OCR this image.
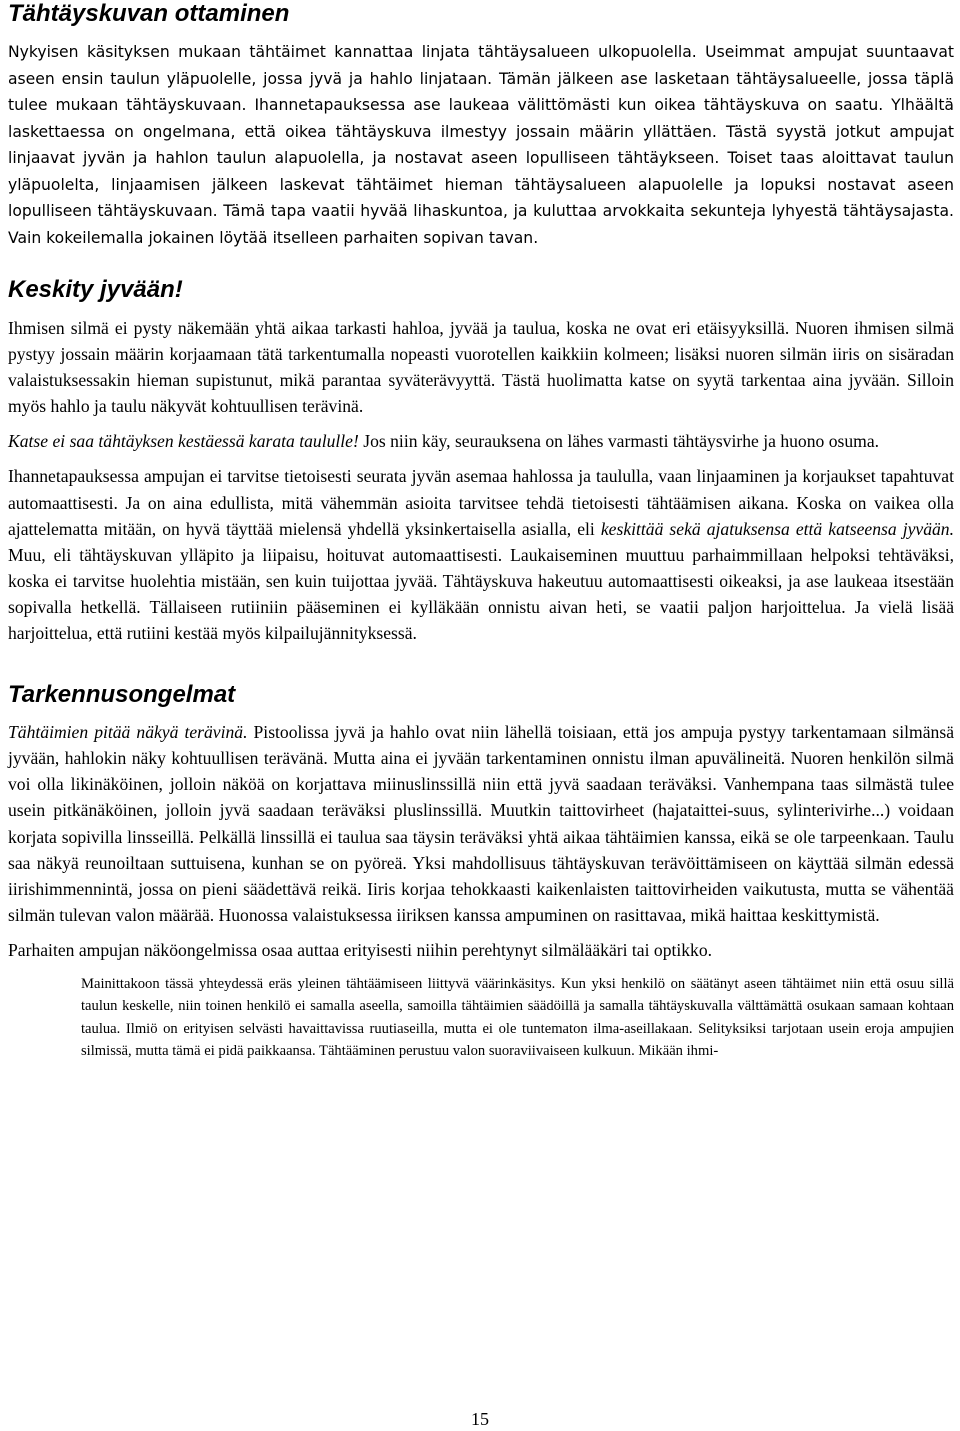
Tähtäyskuvan ottaminen

Nykyisen käsityksen mukaan tähtäimet kannattaa linjata tähtäysalueen ulkopuolella. Useimmat ampujat suuntaavat aseen ensin taulun yläpuolelle, jossa jyvä ja hahlo linjataan. Tämän jälkeen ase lasketaan tähtäysalueelle, jossa täplä tulee mukaan tähtäyskuvaan. Ihannetapauksessa ase laukeaa välittömästi kun oikea tähtäyskuva on saatu. Ylhäältä laskettaessa on ongelmana, että oikea tähtäyskuva ilmestyy jossain määrin yllättäen. Tästä syystä jotkut ampujat linjaavat jyvän ja hahlon taulun alapuolella, ja nostavat aseen lopulliseen tähtäykseen. Toiset taas aloittavat taulun yläpuolelta, linjaamisen jälkeen laskevat tähtäimet hieman tähtäysalueen alapuolelle ja lopuksi nostavat aseen lopulliseen tähtäyskuvaan. Tämä tapa vaatii hyvää lihaskuntoa, ja kuluttaa arvokkaita sekunteja lyhyestä tähtäysajasta. Vain kokeilemalla jokainen löytää itselleen parhaiten sopivan tavan.

Keskity jyvään!

Ihmisen silmä ei pysty näkemään yhtä aikaa tarkasti hahloa, jyvää ja taulua, koska ne ovat eri etäisyyksillä. Nuoren ihmisen silmä pystyy jossain määrin korjaamaan tätä tarkentumalla nopeasti vuorotellen kaikkiin kolmeen; lisäksi nuoren silmän iiris on sisäradan valaistuksessakin hieman supistunut, mikä parantaa syväterävyyttä. Tästä huolimatta katse on syytä tarkentaa aina jyvään. Silloin myös hahlo ja taulu näkyvät kohtuullisen terävinä.

Katse ei saa tähtäyksen kestäessä karata taululle! Jos niin käy, seurauksena on lähes varmasti tähtäysvirhe ja huono osuma.

Ihannetapauksessa ampujan ei tarvitse tietoisesti seurata jyvän asemaa hahlossa ja taululla, vaan linjaaminen ja korjaukset tapahtuvat automaattisesti. Ja on aina edullista, mitä vähemmän asioita tarvitsee tehdä tietoisesti tähtäämisen aikana. Koska on vaikea olla ajattelematta mitään, on hyvä täyttää mielensä yhdellä yksinkertaisella asialla, eli keskittää sekä ajatuksensa että katseensa jyvään. Muu, eli tähtäyskuvan ylläpito ja liipaisu, hoituvat automaattisesti. Laukaiseminen muuttuu parhaimmillaan helpoksi tehtäväksi, koska ei tarvitse huolehtia mistään, sen kuin tuijottaa jyvää. Tähtäyskuva hakeutuu automaattisesti oikeaksi, ja ase laukeaa itsestään sopivalla hetkellä. Tällaiseen rutiiniin pääseminen ei kylläkään onnistu aivan heti, se vaatii paljon harjoittelua. Ja vielä lisää harjoittelua, että rutiini kestää myös kilpailujännityksessä.

Tarkennusongelmat

Tähtäimien pitää näkyä terävinä. Pistoolissa jyvä ja hahlo ovat niin lähellä toisiaan, että jos ampuja pystyy tarkentamaan silmänsä jyvään, hahlokin näky kohtuullisen terävänä. Mutta aina ei jyvään tarkentaminen onnistu ilman apuvälineitä. Nuoren henkilön silmä voi olla likinäköinen, jolloin näköä on korjattava miinuslinssillä niin että jyvä saadaan teräväksi. Vanhempana taas silmästä tulee usein pitkänäköinen, jolloin jyvä saadaan teräväksi pluslinssillä. Muutkin taittovirheet (hajataittei-suus, sylinterivirhe...) voidaan korjata sopivilla linsseillä. Pelkällä linssillä ei taulua saa täysin teräväksi yhtä aikaa tähtäimien kanssa, eikä se ole tarpeenkaan. Taulu saa näkyä reunoiltaan suttuisena, kunhan se on pyöreä. Yksi mahdollisuus tähtäyskuvan terävöittämiseen on käyttää silmän edessä iirishimmennintä, jossa on pieni säädettävä reikä. Iiris korjaa tehokkaasti kaikenlaisten taittovirheiden vaikutusta, mutta se vähentää silmän tulevan valon määrää. Huonossa valaistuksessa iiriksen kanssa ampuminen on rasittavaa, mikä haittaa keskittymistä.

Parhaiten ampujan näköongelmissa osaa auttaa erityisesti niihin perehtynyt silmälääkäri tai optikko.

Mainittakoon tässä yhteydessä eräs yleinen tähtäämiseen liittyvä väärinkäsitys. Kun yksi henkilö on säätänyt aseen tähtäimet niin että osuu sillä taulun keskelle, niin toinen henkilö ei samalla aseella, samoilla tähtäimien säädöillä ja samalla tähtäyskuvalla välttämättä osukaan samaan kohtaan taulua. Ilmiö on erityisen selvästi havaittavissa ruutiaseilla, mutta ei ole tuntematon ilma-aseillakaan. Selityksiksi tarjotaan usein eroja ampujien silmissä, mutta tämä ei pidä paikkaansa. Tähtääminen perustuu valon suoraviivaiseen kulkuun. Mikään ihmi-

15
